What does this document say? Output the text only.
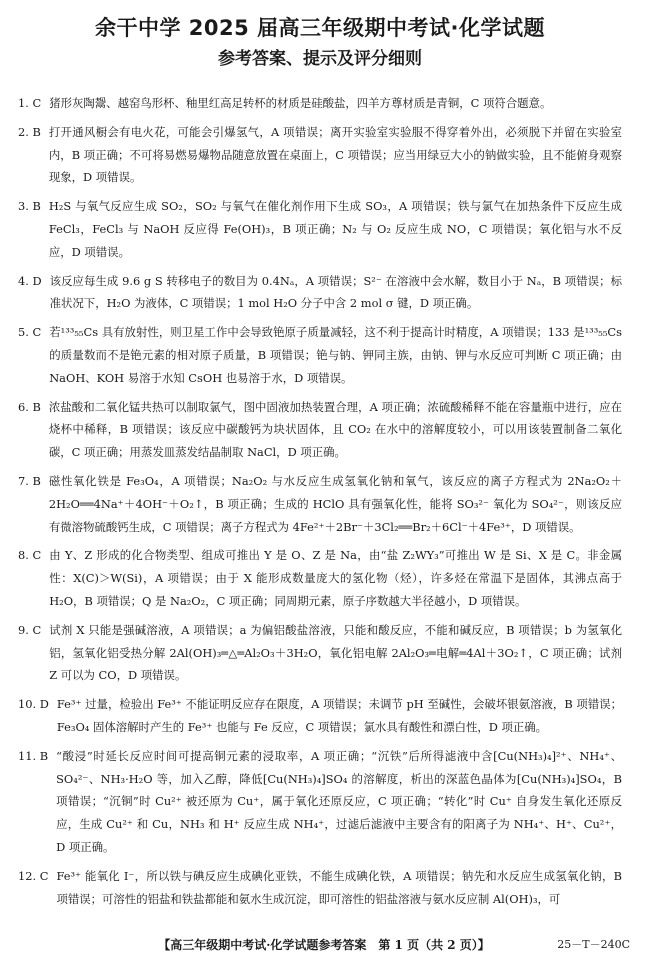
余干中学 2025 届高三年级期中考试·化学试题
参考答案、提示及评分细则
1. C 猪形灰陶鬶、越窑鸟形杯、釉里红高足转杯的材质是硅酸盐，四羊方尊材质是青铜，C 项符合题意。
2. B 打开通风橱会有电火花，可能会引爆氢气，A 项错误；离开实验室实验服不得穿着外出，必须脱下并留在实验室内，B 项正确；不可将易燃易爆物品随意放置在桌面上，C 项错误；应当用绿豆大小的钠做实验，且不能俯身观察现象，D 项错误。
3. B H₂S 与氧气反应生成 SO₂，SO₂ 与氧气在催化剂作用下生成 SO₃，A 项错误；铁与氯气在加热条件下反应生成 FeCl₃，FeCl₃ 与 NaOH 反应得 Fe(OH)₃，B 项正确；N₂ 与 O₂ 反应生成 NO，C 项错误；氧化铝与水不反应，D 项错误。
4. D 该反应每生成 9.6 g S 转移电子的数目为 0.4Nₐ，A 项错误；S²⁻ 在溶液中会水解，数目小于 Nₐ，B 项错误；标准状况下，H₂O 为液体，C 项错误；1 mol H₂O 分子中含 2 mol σ 键，D 项正确。
5. C 若¹³³₅₅Cs 具有放射性，则卫星工作中会导致铯原子质量减轻，这不利于提高计时精度，A 项错误；133 是¹³³₅₅Cs的质量数而不是铯元素的相对原子质量，B 项错误；铯与钠、钾同主族，由钠、钾与水反应可判断 C 项正确；由 NaOH、KOH 易溶于水知 CsOH 也易溶于水，D 项错误。
6. B 浓盐酸和二氧化锰共热可以制取氯气，图中固液加热装置合理，A 项正确；浓硫酸稀释不能在容量瓶中进行，应在烧杯中稀释，B 项错误；该反应中碳酸钙为块状固体，且 CO₂ 在水中的溶解度较小，可以用该装置制备二氧化碳，C 项正确；用蒸发皿蒸发结晶制取 NaCl，D 项正确。
7. B 磁性氧化铁是 Fe₃O₄，A 项错误；Na₂O₂ 与水反应生成氢氧化钠和氧气，该反应的离子方程式为 2Na₂O₂＋2H₂O══4Na⁺＋4OH⁻＋O₂↑，B 项正确；生成的 HClO 具有强氧化性，能将 SO₃²⁻ 氧化为 SO₄²⁻，则该反应有微溶物硫酸钙生成，C 项错误；离子方程式为 4Fe²⁺＋2Br⁻＋3Cl₂══Br₂＋6Cl⁻＋4Fe³⁺，D 项错误。
8. C 由 Y、Z 形成的化合物类型、组成可推出 Y 是 O、Z 是 Na，由“盐 Z₂WY₃”可推出 W 是 Si、X 是 C。非金属性：X(C)＞W(Si)，A 项错误；由于 X 能形成数量庞大的氢化物（烃），许多烃在常温下是固体，其沸点高于 H₂O，B 项错误；Q 是 Na₂O₂，C 项正确；同周期元素，原子序数越大半径越小，D 项错误。
9. C 试剂 X 只能是强碱溶液，A 项错误；a 为偏铝酸盐溶液，只能和酸反应，不能和碱反应，B 项错误；b 为氢氧化铝，氢氧化铝受热分解 2Al(OH)₃═△═Al₂O₃＋3H₂O，氧化铝电解 2Al₂O₃═电解═4Al＋3O₂↑，C 项正确；试剂 Z 可以为 CO，D 项错误。
10. D Fe³⁺ 过量，检验出 Fe³⁺ 不能证明反应存在限度，A 项错误；未调节 pH 至碱性，会破坏银氨溶液，B 项错误；Fe₃O₄ 固体溶解时产生的 Fe³⁺ 也能与 Fe 反应，C 项错误；氯水具有酸性和漂白性，D 项正确。
11. B “酸浸”时延长反应时间可提高铜元素的浸取率，A 项正确；“沉铁”后所得滤液中含[Cu(NH₃)₄]²⁺、NH₄⁺、SO₄²⁻、NH₃·H₂O 等，加入乙醇，降低[Cu(NH₃)₄]SO₄ 的溶解度，析出的深蓝色晶体为[Cu(NH₃)₄]SO₄，B 项错误；“沉铜”时 Cu²⁺ 被还原为 Cu⁺，属于氧化还原反应，C 项正确；“转化”时 Cu⁺ 自身发生氧化还原反应，生成 Cu²⁺ 和 Cu，NH₃ 和 H⁺ 反应生成 NH₄⁺，过滤后滤液中主要含有的阳离子为 NH₄⁺、H⁺、Cu²⁺，D 项正确。
12. C Fe³⁺ 能氧化 I⁻，所以铁与碘反应生成碘化亚铁，不能生成碘化铁，A 项错误；钠先和水反应生成氢氧化钠，B 项错误；可溶性的铝盐和铁盐都能和氨水生成沉淀，即可溶性的铝盐溶液与氨水反应制 Al(OH)₃，可
【高三年级期中考试·化学试题参考答案　第 1 页（共 2 页）】	25－T－240C
